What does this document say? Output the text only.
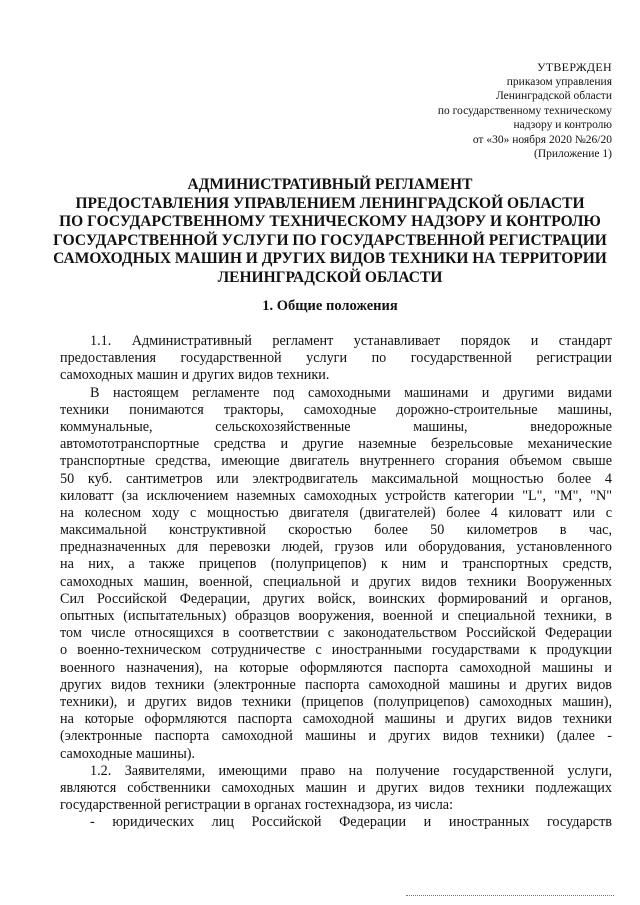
УТВЕРЖДЕН
приказом управления
Ленинградской области
по государственному техническому
надзору и контролю
от «30» ноября 2020 №26/20
(Приложение 1)
АДМИНИСТРАТИВНЫЙ РЕГЛАМЕНТ
ПРЕДОСТАВЛЕНИЯ УПРАВЛЕНИЕМ ЛЕНИНГРАДСКОЙ ОБЛАСТИ
ПО ГОСУДАРСТВЕННОМУ ТЕХНИЧЕСКОМУ НАДЗОРУ И КОНТРОЛЮ
ГОСУДАРСТВЕННОЙ УСЛУГИ ПО ГОСУДАРСТВЕННОЙ РЕГИСТРАЦИИ
САМОХОДНЫХ МАШИН И ДРУГИХ ВИДОВ ТЕХНИКИ НА ТЕРРИТОРИИ
ЛЕНИНГРАДСКОЙ ОБЛАСТИ
1. Общие положения
1.1. Административный регламент устанавливает порядок и стандарт
предоставления государственной услуги по государственной регистрации
самоходных машин и других видов техники.
В настоящем регламенте под самоходными машинами и другими видами
техники понимаются тракторы, самоходные дорожно-строительные машины,
коммунальные, сельскохозяйственные машины, внедорожные
автомототранспортные средства и другие наземные безрельсовые механические
транспортные средства, имеющие двигатель внутреннего сгорания объемом свыше
50 куб. сантиметров или электродвигатель максимальной мощностью более 4
киловатт (за исключением наземных самоходных устройств категории "L", "M", "N"
на колесном ходу с мощностью двигателя (двигателей) более 4 киловатт или с
максимальной конструктивной скоростью более 50 километров в час,
предназначенных для перевозки людей, грузов или оборудования, установленного
на них, а также прицепов (полуприцепов) к ним и транспортных средств,
самоходных машин, военной, специальной и других видов техники Вооруженных
Сил Российской Федерации, других войск, воинских формирований и органов,
опытных (испытательных) образцов вооружения, военной и специальной техники, в
том числе относящихся в соответствии с законодательством Российской Федерации
о военно-техническом сотрудничестве с иностранными государствами к продукции
военного назначения), на которые оформляются паспорта самоходной машины и
других видов техники (электронные паспорта самоходной машины и других видов
техники), и других видов техники (прицепов (полуприцепов) самоходных машин),
на которые оформляются паспорта самоходной машины и других видов техники
(электронные паспорта самоходной машины и других видов техники) (далее -
самоходные машины).
1.2. Заявителями, имеющими право на получение государственной услуги,
являются собственники самоходных машин и других видов техники подлежащих
государственной регистрации в органах гостехнадзора, из числа:
- юридических лиц Российской Федерации и иностранных государств
